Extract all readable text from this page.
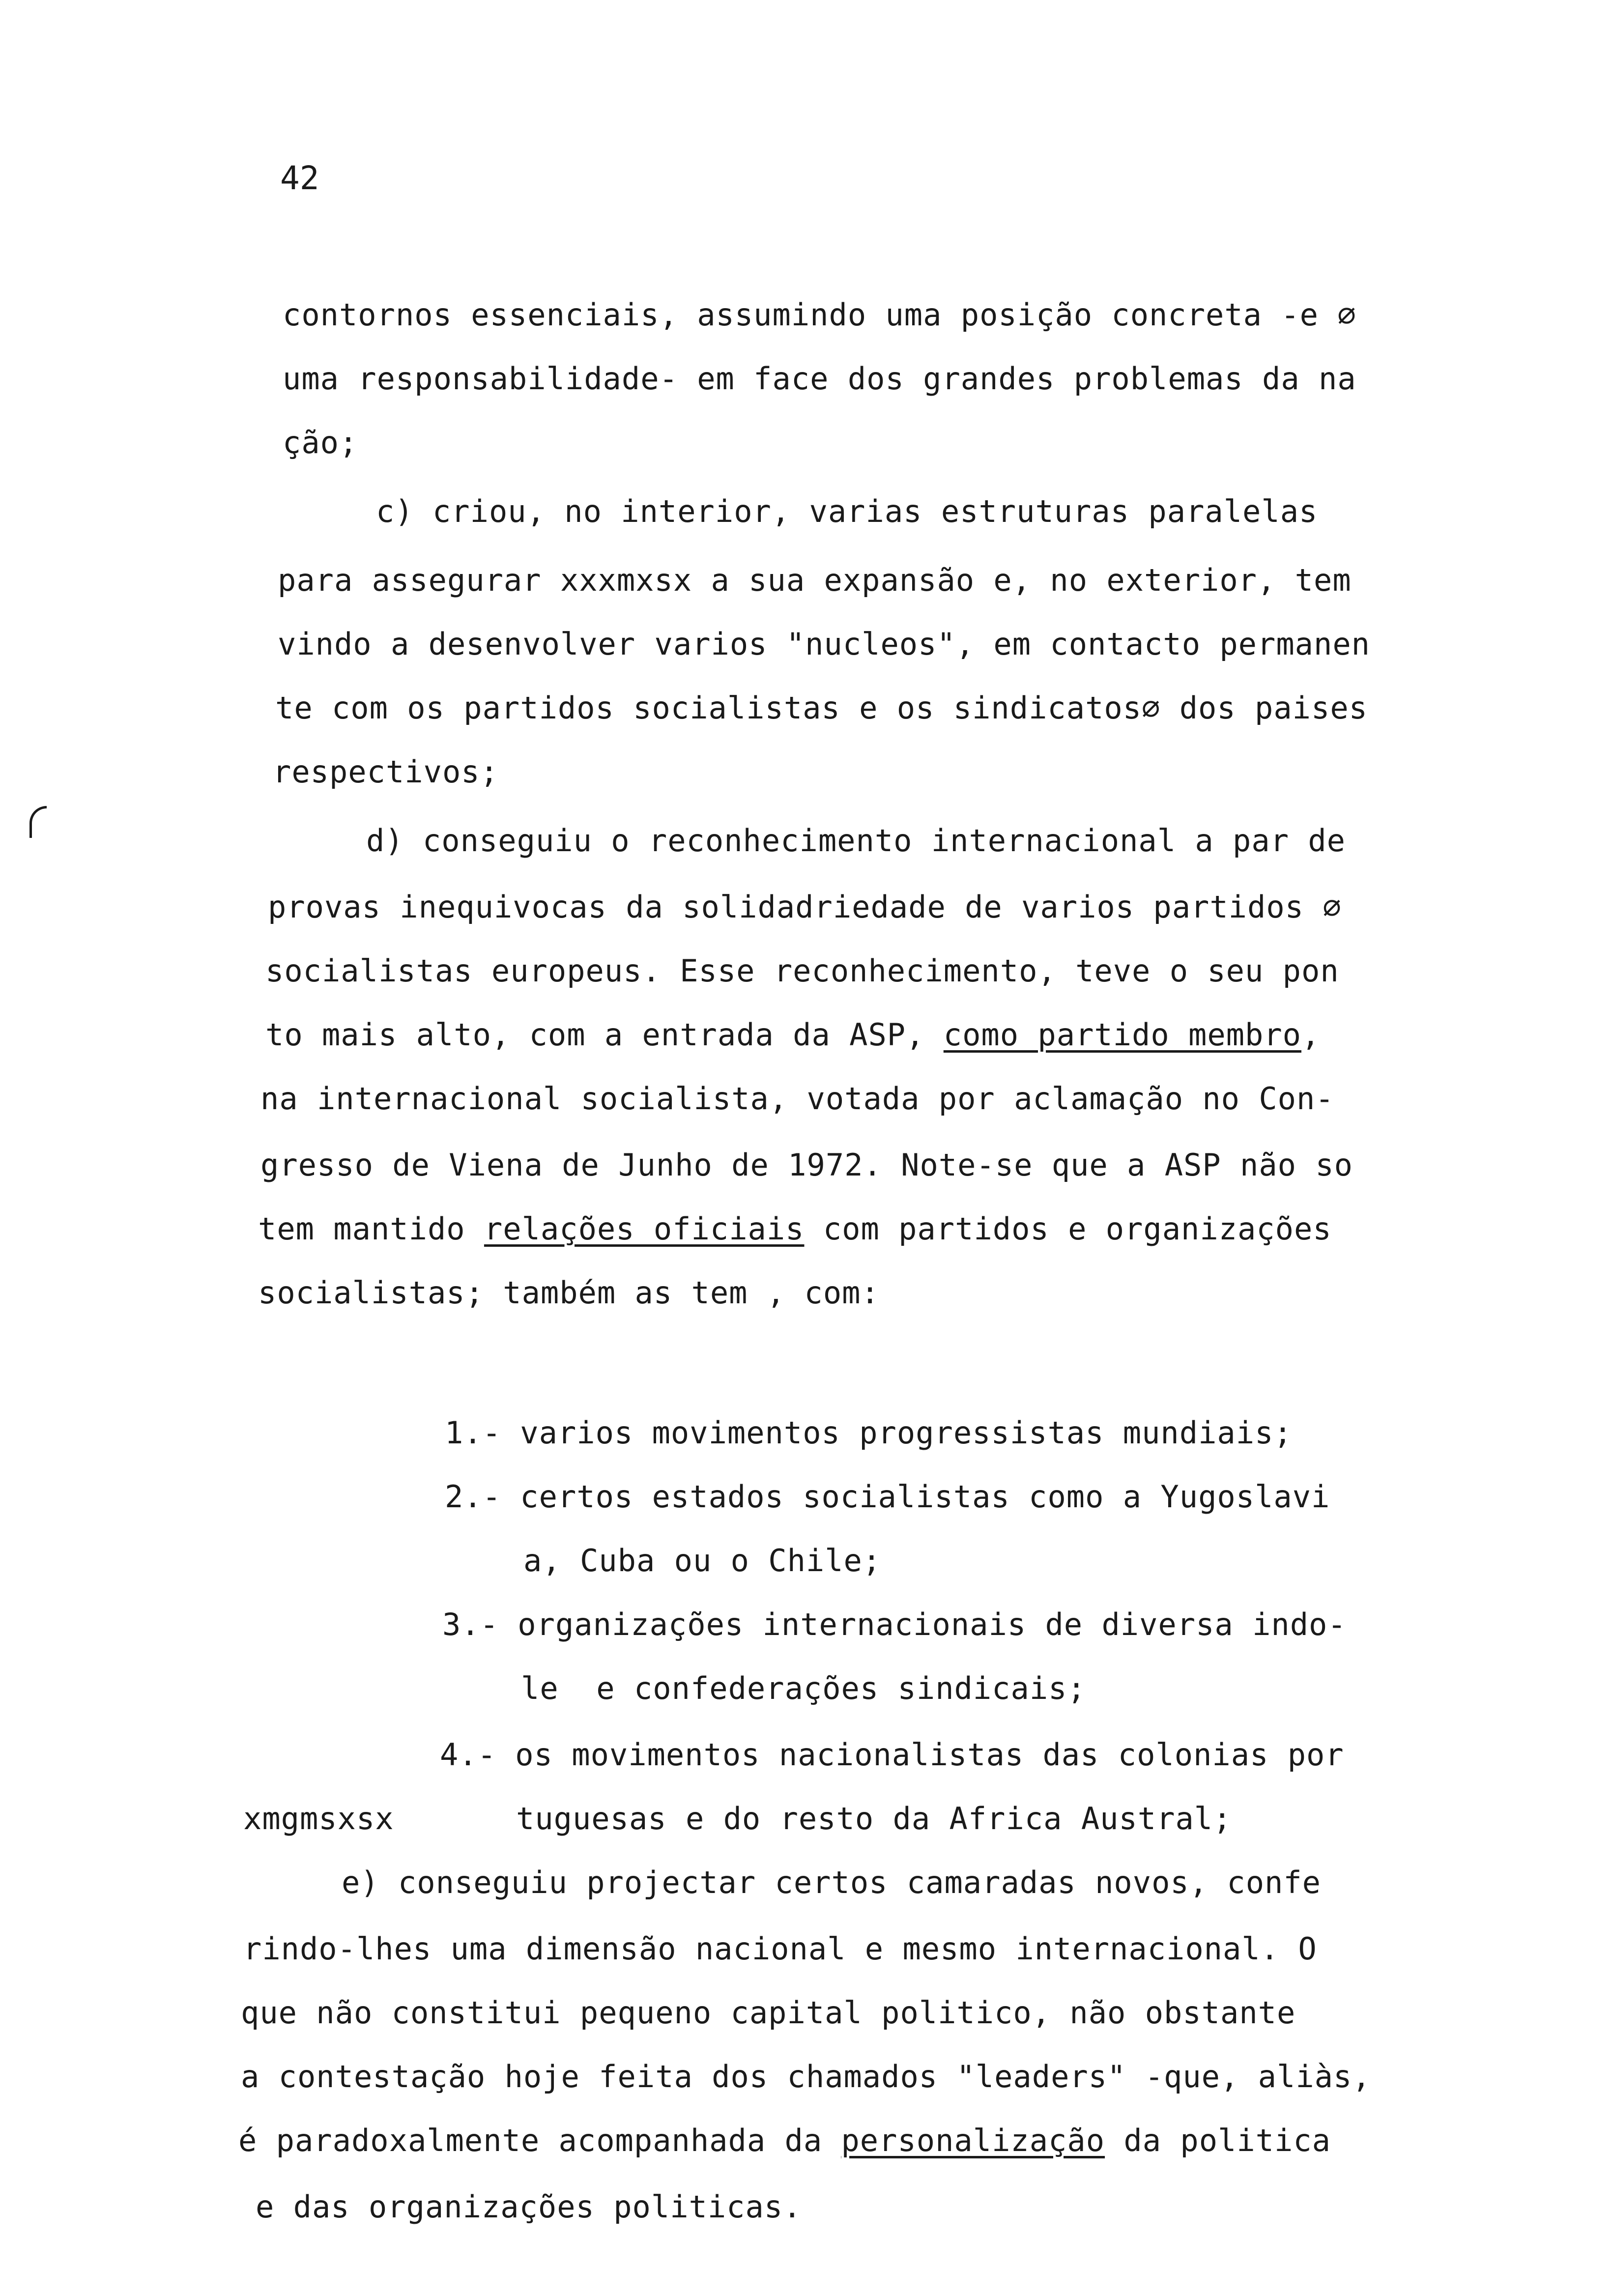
42
contornos essenciais, assumindo uma posição concreta -e ∅
uma responsabilidade- em face dos grandes problemas da na
ção;
c) criou, no interior, varias estruturas paralelas
para assegurar xxxmxsx a sua expansão e, no exterior, tem
vindo a desenvolver varios "nucleos", em contacto permanen
te com os partidos socialistas e os sindicatos∅ dos paises
respectivos;
d) conseguiu o reconhecimento internacional a par de
provas inequivocas da solidadriedade de varios partidos ∅
socialistas europeus. Esse reconhecimento, teve o seu pon
to mais alto, com a entrada da ASP, como partido membro,
na internacional socialista, votada por aclamação no Con-
gresso de Viena de Junho de 1972. Note-se que a ASP não so
tem mantido relações oficiais com partidos e organizações
socialistas; também as tem , com:
1.- varios movimentos progressistas mundiais;
2.- certos estados socialistas como a Yugoslavi
a, Cuba ou o Chile;
3.- organizações internacionais de diversa indo-
le  e confederações sindicais;
4.- os movimentos nacionalistas das colonias por
xmgmsxsx	tuguesas e do resto da Africa Austral;
e) conseguiu projectar certos camaradas novos, confe
rindo-lhes uma dimensão nacional e mesmo internacional. O
que não constitui pequeno capital politico, não obstante
a contestação hoje feita dos chamados "leaders" -que, aliàs,
é paradoxalmente acompanhada da personalização da politica
e das organizações politicas.
